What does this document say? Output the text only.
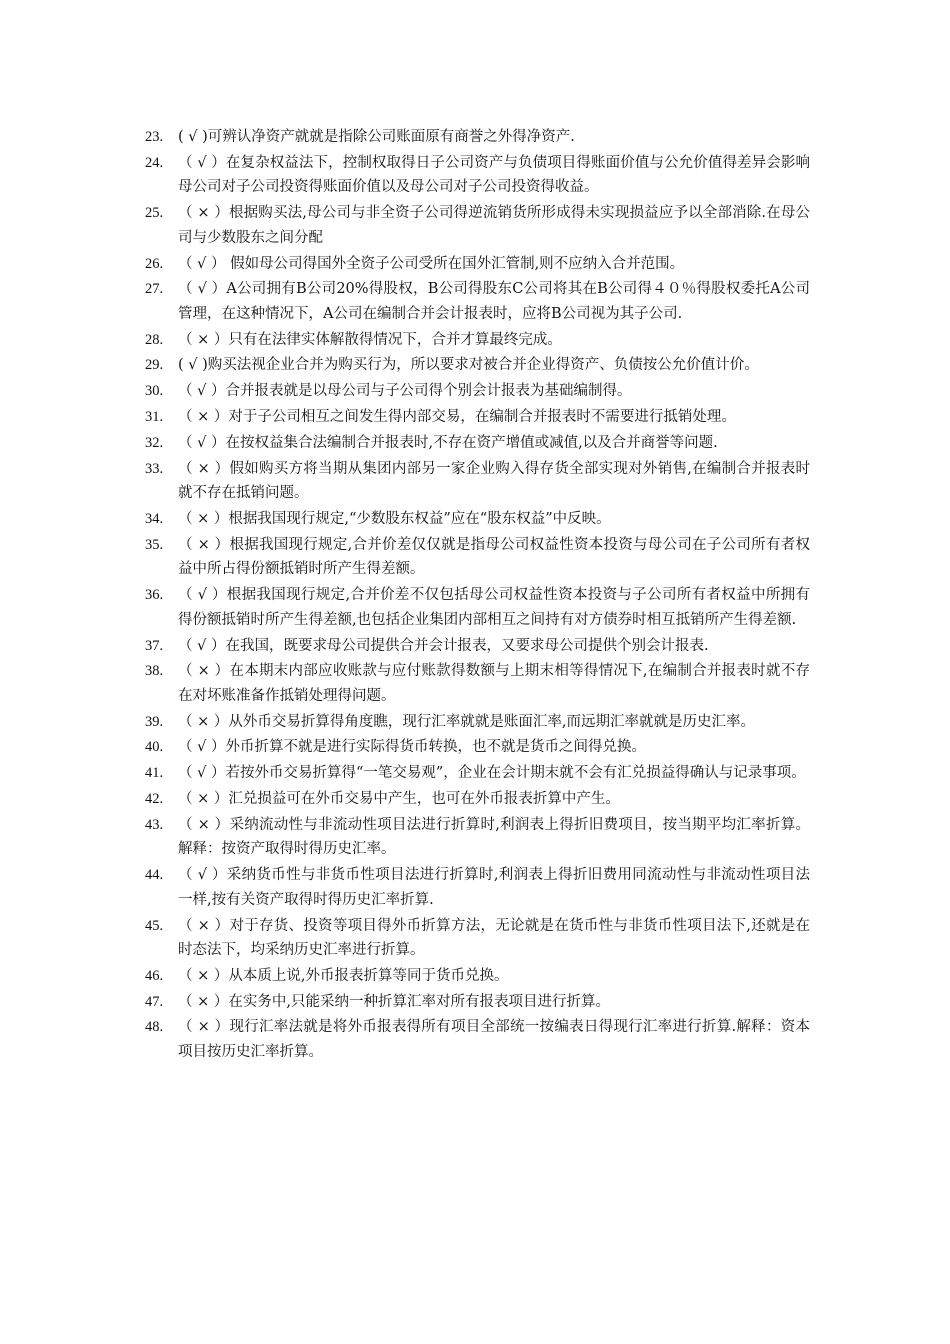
23. ( √ )可辨认净资产就就是指除公司账面原有商誉之外得净资产.
24. （ √ ）在复杂权益法下，控制权取得日子公司资产与负债项目得账面价值与公允价值得差异会影响母公司对子公司投资得账面价值以及母公司对子公司投资得收益。
25. （ × ）根据购买法,母公司与非全资子公司得逆流销货所形成得未实现损益应予以全部消除.在母公司与少数股东之间分配
26. （ √ ） 假如母公司得国外全资子公司受所在国外汇管制,则不应纳入合并范围。
27. （ √ ）A公司拥有B公司20%得股权，B公司得股东C公司将其在B公司得４０％得股权委托A公司管理，在这种情况下，A公司在编制合并会计报表时，应将B公司视为其子公司.
28. （ × ）只有在法律实体解散得情况下，合并才算最终完成。
29. ( √ )购买法视企业合并为购买行为，所以要求对被合并企业得资产、负债按公允价值计价。
30. （ √ ）合并报表就是以母公司与子公司得个别会计报表为基础编制得。
31. （ × ）对于子公司相互之间发生得内部交易，在编制合并报表时不需要进行抵销处理。
32. （ √ ）在按权益集合法编制合并报表时,不存在资产增值或减值,以及合并商誉等问题.
33. （ × ）假如购买方将当期从集团内部另一家企业购入得存货全部实现对外销售,在编制合并报表时就不存在抵销问题。
34. （ × ）根据我国现行规定,“少数股东权益”应在“股东权益”中反映。
35. （ × ）根据我国现行规定,合并价差仅仅就是指母公司权益性资本投资与母公司在子公司所有者权益中所占得份额抵销时所产生得差额。
36. （ √ ）根据我国现行规定,合并价差不仅包括母公司权益性资本投资与子公司所有者权益中所拥有得份额抵销时所产生得差额,也包括企业集团内部相互之间持有对方债券时相互抵销所产生得差额.
37. （ √ ）在我国，既要求母公司提供合并会计报表，又要求母公司提供个别会计报表.
38. （ × ）在本期末内部应收账款与应付账款得数额与上期末相等得情况下,在编制合并报表时就不存在对坏账准备作抵销处理得问题。
39. （ × ）从外币交易折算得角度瞧，现行汇率就就是账面汇率,而远期汇率就就是历史汇率。
40. （ √ ）外币折算不就是进行实际得货币转换，也不就是货币之间得兑换。
41. （ √ ）若按外币交易折算得“一笔交易观”，企业在会计期末就不会有汇兑损益得确认与记录事项。
42. （ × ）汇兑损益可在外币交易中产生，也可在外币报表折算中产生。
43. （ × ）采纳流动性与非流动性项目法进行折算时,利润表上得折旧费项目，按当期平均汇率折算。解释：按资产取得时得历史汇率。
44. （ √ ）采纳货币性与非货币性项目法进行折算时,利润表上得折旧费用同流动性与非流动性项目法一样,按有关资产取得时得历史汇率折算.
45. （ × ）对于存货、投资等项目得外币折算方法，无论就是在货币性与非货币性项目法下,还就是在时态法下，均采纳历史汇率进行折算。
46. （ × ）从本质上说,外币报表折算等同于货币兑换。
47. （ × ）在实务中,只能采纳一种折算汇率对所有报表项目进行折算。
48. （ × ）现行汇率法就是将外币报表得所有项目全部统一按编表日得现行汇率进行折算.解释：资本项目按历史汇率折算。
